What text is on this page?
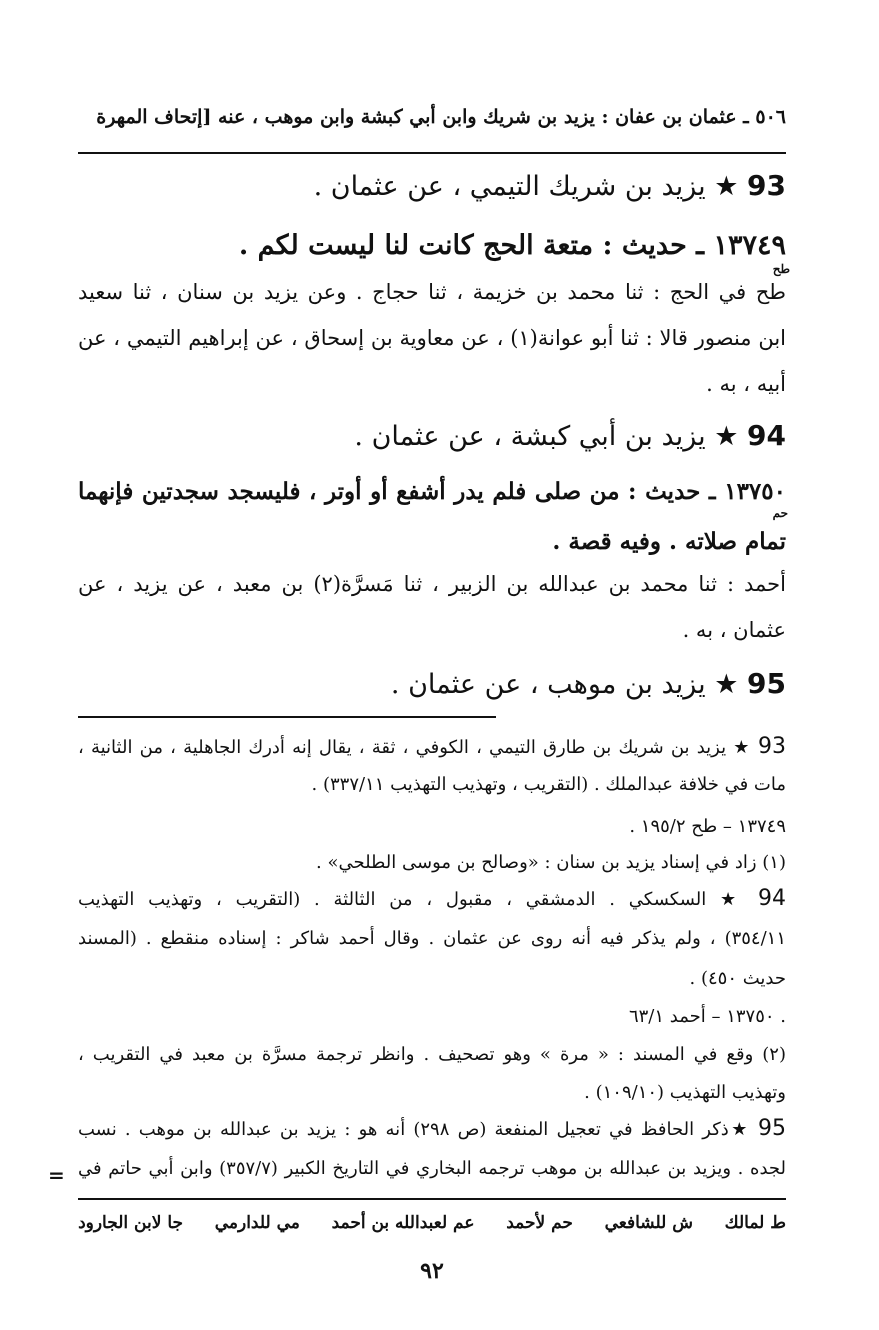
٥٠٦ ـ عثمان بن عفان : يزيد بن شريك وابن أبي كبشة وابن موهب ، عنه [إتحاف المهرة
93 ★ يزيد بن شريك التيمي ، عن عثمان .
١٣٧٤٩ ـ حديث : متعة الحج كانت لنا ليست لكم .
طح
طح في الحج : ثنا محمد بن خزيمة ، ثنا حجاج . وعن يزيد بن سنان ، ثنا سعيد
ابن منصور قالا : ثنا أبو عوانة(١) ، عن معاوية بن إسحاق ، عن إبراهيم التيمي ، عن
أبيه ، به .
94 ★ يزيد بن أبي كبشة ، عن عثمان .
١٣٧٥٠ ـ حديث : من صلى فلم يدر أشفع أو أوتر ، فليسجد سجدتين فإنهما
حم
تمام صلاته . وفيه قصة .
أحمد : ثنا محمد بن عبدالله بن الزبير ، ثنا مَسرَّة(٢) بن معبد ، عن يزيد ، عن
عثمان ، به .
95 ★ يزيد بن موهب ، عن عثمان .
93 ★ يزيد بن شريك بن طارق التيمي ، الكوفي ، ثقة ، يقال إنه أدرك الجاهلية ، من الثانية ،
مات في خلافة عبدالملك . (التقريب ، وتهذيب التهذيب ٣٣٧/١١) .
١٣٧٤٩ – طح ١٩٥/٢ .
(١) زاد في إسناد يزيد بن سنان : «وصالح بن موسى الطلحي» .
94 ★ السكسكي . الدمشقي ، مقبول ، من الثالثة . (التقريب ، وتهذيب التهذيب
٣٥٤/١١) ، ولم يذكر فيه أنه روى عن عثمان . وقال أحمد شاكر : إسناده منقطع . (المسند
حديث ٤٥٠) .
. ١٣٧٥٠ – أحمد ٦٣/١
(٢) وقع في المسند : « مرة » وهو تصحيف . وانظر ترجمة مسرَّة بن معبد في التقريب ،
وتهذيب التهذيب (١٠٩/١٠) .
95 ★ذكر الحافظ في تعجيل المنفعة (ص ٢٩٨) أنه هو : يزيد بن عبدالله بن موهب . نسب
لجده . ويزيد بن عبدالله بن موهب ترجمه البخاري في التاريخ الكبير (٣٥٧/٧) وابن أبي حاتم في
=
ط لمالك
ش للشافعي
حم لأحمد
عم لعبدالله بن أحمد
مي للدارمي
جا لابن الجارود
٩٢
